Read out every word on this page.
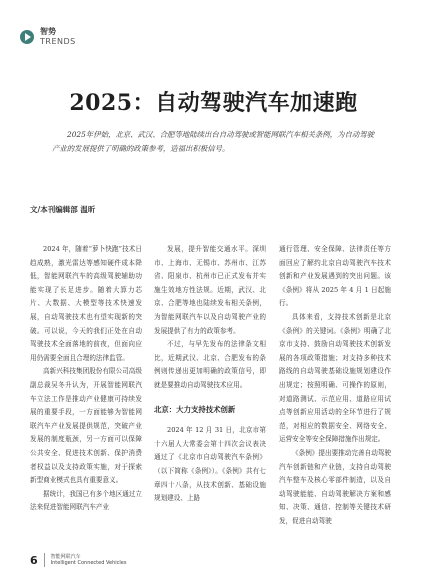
智势
TRENDS
2025：自动驾驶汽车加速跑
2025年伊始，北京、武汉、合肥等地陆续出台自动驾驶或智能网联汽车相关条例，为自动驾驶产业的发展提供了明确的政策参考，造福出积极信号。
文/本刊编辑部 温昕

2024 年，随着“萝卜快跑”技术日趋成熟，激光雷达等感知硬件成本降低，智能网联汽车的高级驾驶辅助功能实现了长足进步。随着大算力芯片、大数据、大模型等技术快速发展，自动驾驶技术也有望实现新的突破。可以说，今天的我们正处在自动驾驶技术全面落地的前夜，但面向应用仍需要全面且合理的法律监管。

高新兴科技集团股份有限公司高级副总裁吴冬升认为，开展智能网联汽车立法工作是推动产业健康可持续发展的重要手段，一方面能够为智能网联汽车产业发展提供规范，突破产业发展的制度瓶颈，另一方面可以保障公共安全、促进技术创新、保护消费者权益以及支持政策实施，对于探索新型商业模式也具有重要意义。

据统计，我国已有多个地区通过立法来促进智能网联汽车产业

发展，提升智能交通水平。深圳市、上海市、无锡市、苏州市、江苏省、阳泉市、杭州市已正式发布并实施生效地方性法规。近期，武汉、北京、合肥等地也陆续发布相关条例，为智能网联汽车以及自动驾驶产业的发展提供了有力的政策参考。

不过，与早先发布的法律条文相比，近期武汉、北京、合肥发布的条例则传递出更加明确的政策信号，即就是要推动自动驾驶技术应用。

北京：大力支持技术创新

2024 年 12 月 31 日，北京市第十六届人大常委会第十四次会议表决通过了《北京市自动驾驶汽车条例》（以下简称《条例》）。《条例》共有七章四十八条，从技术创新、基础设施规划建设、上路

通行管理、安全保障、法律责任等方面回应了解约北京自动驾驶汽车技术创新和产业发展遇到的突出问题。该《条例》将从 2025 年 4 月 1 日起施行。

具体来看，支持技术创新是北京《条例》的关键词。《条例》明确了北京市支持、鼓励自动驾驶技术创新发展的各项政策措施；对支持多种技术路线的自动驾驶基础设施规划建设作出规定；按照明确、可操作的原则，对道路测试、示范应用、道路应用试点等创新应用活动的全环节进行了规范，对相应的数据安全、网络安全、运营安全等安全保障措施作出规定。

《条例》提出要推动完善自动驾驶汽车创新链和产业链，支持自动驾驶汽车整车及核心零部件制造，以及自动驾驶能能、自动驾驶解决方案和感知、决策、通信、控制等关键技术研发，促进自动驾驶

6	智能网联汽车
Intelligent Connected Vehicles
